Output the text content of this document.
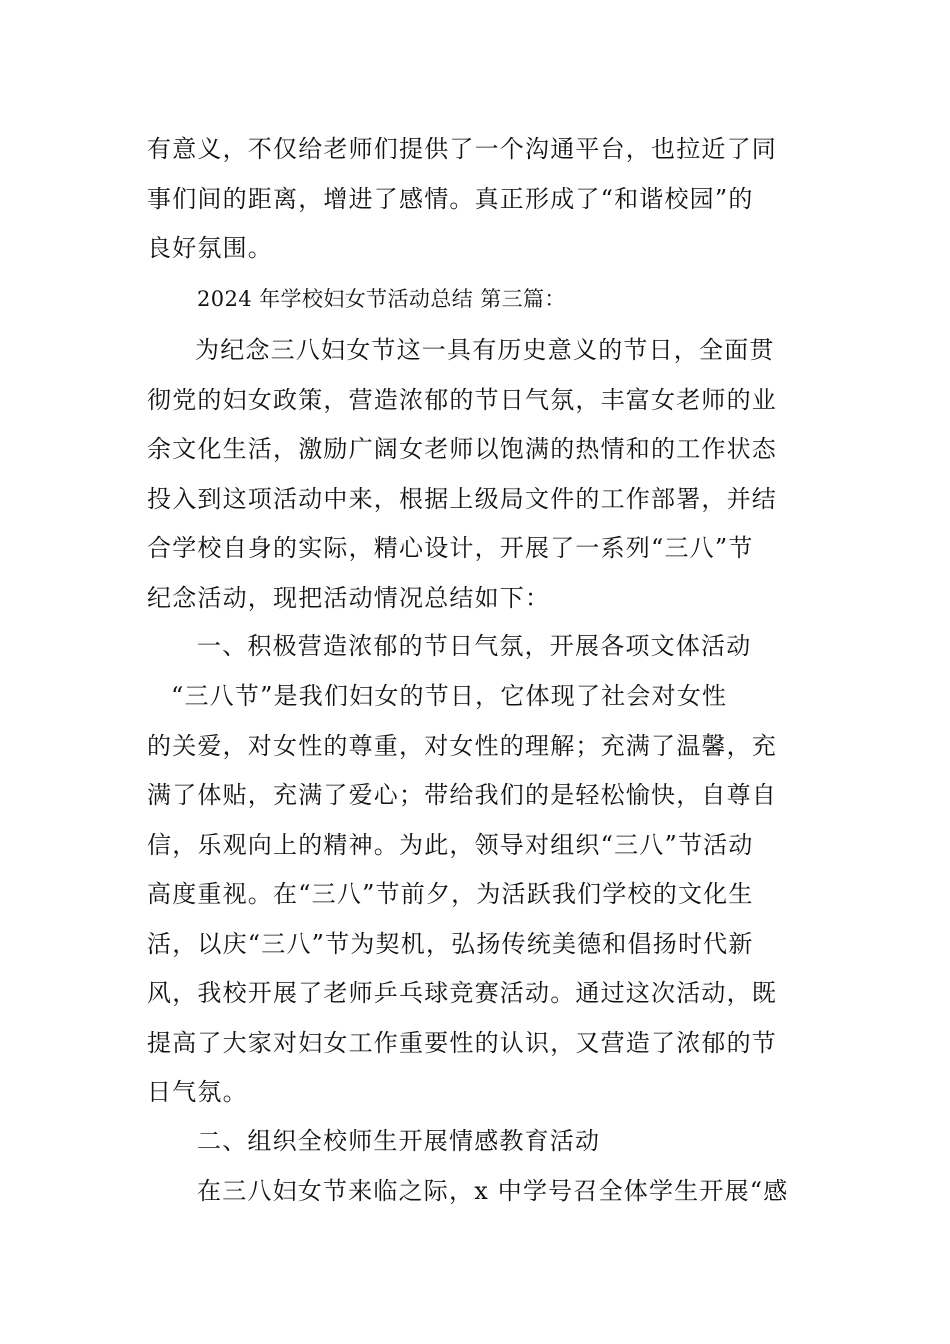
有意义，不仅给老师们提供了一个沟通平台，也拉近了同
事们间的距离，增进了感情。真正形成了“和谐校园”的
良好氛围。
2024 年学校妇女节活动总结 第三篇：
为纪念三八妇女节这一具有历史意义的节日，全面贯
彻党的妇女政策，营造浓郁的节日气氛，丰富女老师的业
余文化生活，激励广阔女老师以饱满的热情和的工作状态
投入到这项活动中来，根据上级局文件的工作部署，并结
合学校自身的实际，精心设计，开展了一系列“三八”节
纪念活动，现把活动情况总结如下：
一、积极营造浓郁的节日气氛，开展各项文体活动
“三八节”是我们妇女的节日，它体现了社会对女性
的关爱，对女性的尊重，对女性的理解；充满了温馨，充
满了体贴，充满了爱心；带给我们的是轻松愉快，自尊自
信，乐观向上的精神。为此，领导对组织“三八”节活动
高度重视。在“三八”节前夕，为活跃我们学校的文化生
活，以庆“三八”节为契机，弘扬传统美德和倡扬时代新
风，我校开展了老师乒乓球竞赛活动。通过这次活动，既
提高了大家对妇女工作重要性的认识，又营造了浓郁的节
日气氛。
二、组织全校师生开展情感教育活动
在三八妇女节来临之际，x 中学号召全体学生开展“感
